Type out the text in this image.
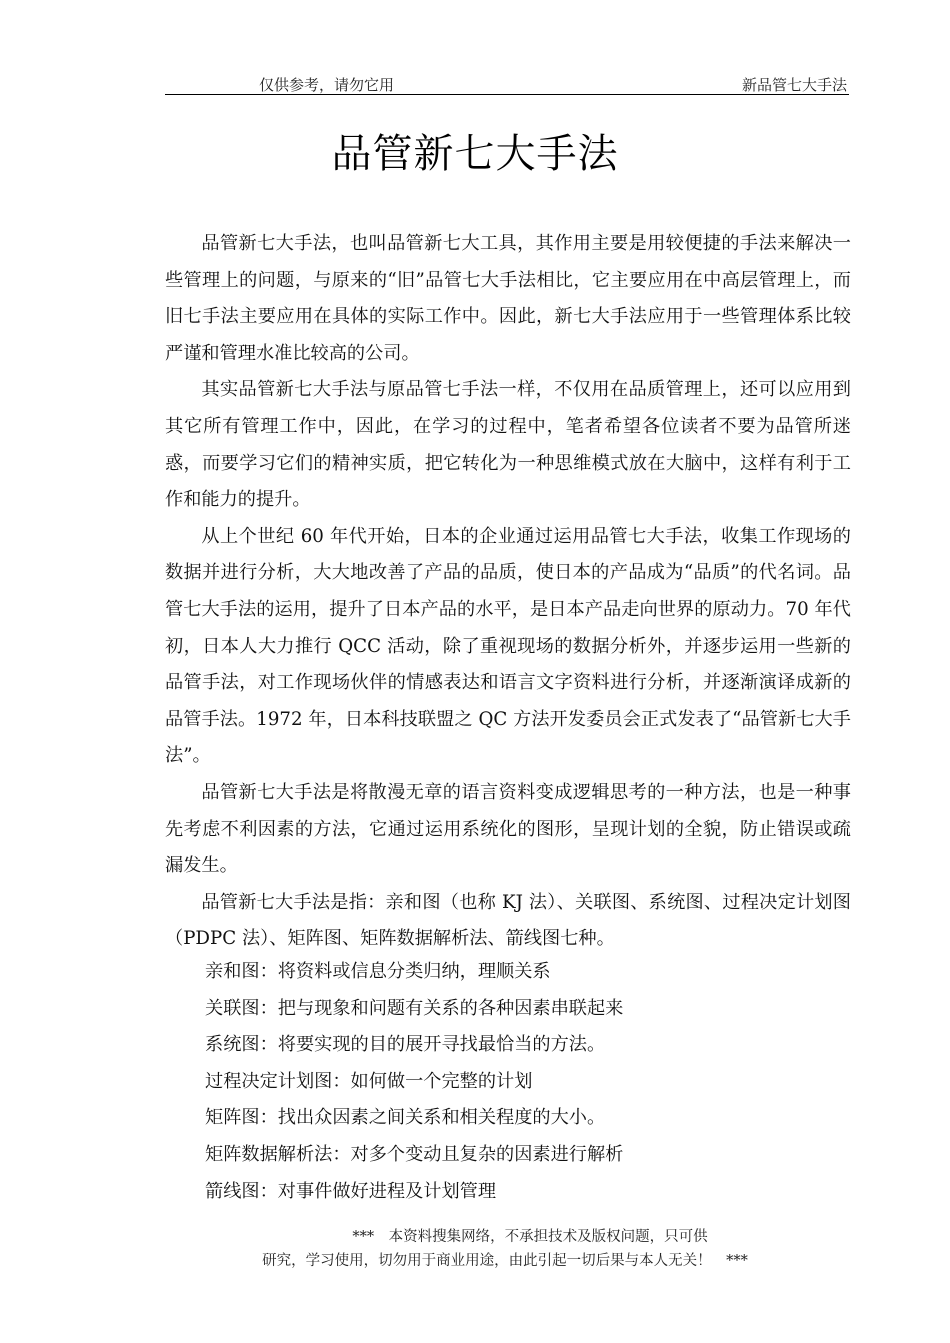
仅供参考，请勿它用	新品管七大手法
品管新七大手法

品管新七大手法，也叫品管新七大工具，其作用主要是用较便捷的手法来解决一些管理上的问题，与原来的“旧”品管七大手法相比，它主要应用在中高层管理上，而旧七手法主要应用在具体的实际工作中。因此，新七大手法应用于一些管理体系比较严谨和管理水准比较高的公司。

其实品管新七大手法与原品管七手法一样，不仅用在品质管理上，还可以应用到其它所有管理工作中，因此，在学习的过程中，笔者希望各位读者不要为品管所迷惑，而要学习它们的精神实质，把它转化为一种思维模式放在大脑中，这样有利于工作和能力的提升。

从上个世纪 60 年代开始，日本的企业通过运用品管七大手法，收集工作现场的数据并进行分析，大大地改善了产品的品质，使日本的产品成为“品质”的代名词。品管七大手法的运用，提升了日本产品的水平，是日本产品走向世界的原动力。70 年代初，日本人大力推行 QCC 活动，除了重视现场的数据分析外，并逐步运用一些新的品管手法，对工作现场伙伴的情感表达和语言文字资料进行分析，并逐渐演译成新的品管手法。1972 年，日本科技联盟之 QC 方法开发委员会正式发表了“品管新七大手法”。

品管新七大手法是将散漫无章的语言资料变成逻辑思考的一种方法，也是一种事先考虑不利因素的方法，它通过运用系统化的图形，呈现计划的全貌，防止错误或疏漏发生。

品管新七大手法是指：亲和图（也称 KJ 法）、关联图、系统图、过程决定计划图（PDPC 法）、矩阵图、矩阵数据解析法、箭线图七种。

亲和图：将资料或信息分类归纳，理顺关系
关联图：把与现象和问题有关系的各种因素串联起来
系统图：将要实现的目的展开寻找最恰当的方法。
过程决定计划图：如何做一个完整的计划
矩阵图：找出众因素之间关系和相关程度的大小。
矩阵数据解析法：对多个变动且复杂的因素进行解析
箭线图：对事件做好进程及计划管理
***　本资料搜集网络，不承担技术及版权问题，只可供
研究，学习使用，切勿用于商业用途，由此引起一切后果与本人无关！　***
